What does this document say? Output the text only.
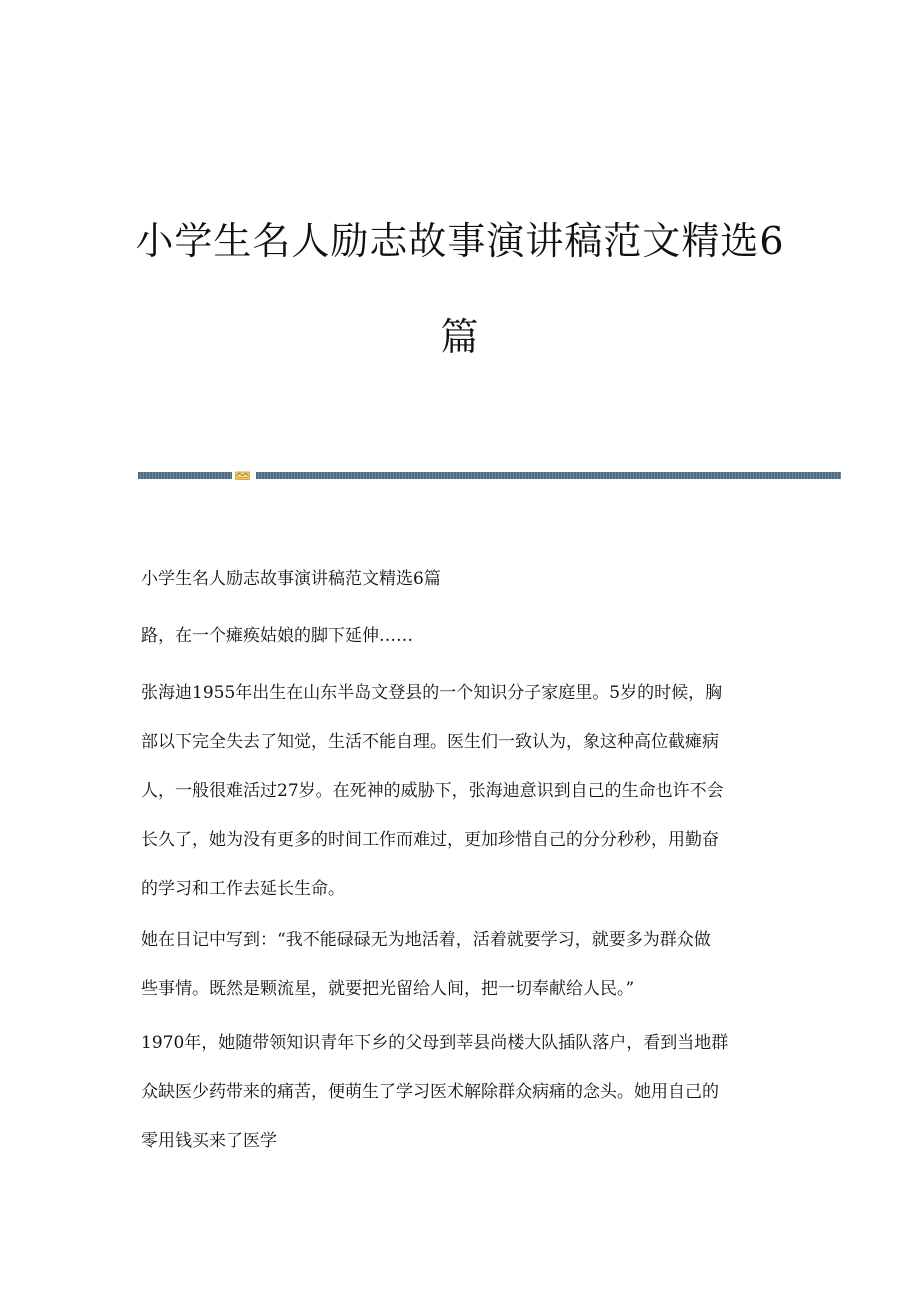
小学生名人励志故事演讲稿范文精选6
篇

小学生名人励志故事演讲稿范文精选6篇

路，在一个瘫痪姑娘的脚下延伸……

张海迪1955年出生在山东半岛文登县的一个知识分子家庭里。5岁的时候，胸
部以下完全失去了知觉，生活不能自理。医生们一致认为，象这种高位截瘫病
人，一般很难活过27岁。在死神的威胁下，张海迪意识到自己的生命也许不会
长久了，她为没有更多的时间工作而难过，更加珍惜自己的分分秒秒，用勤奋
的学习和工作去延长生命。

她在日记中写到：“我不能碌碌无为地活着，活着就要学习，就要多为群众做
些事情。既然是颗流星，就要把光留给人间，把一切奉献给人民。”

1970年，她随带领知识青年下乡的父母到莘县尚楼大队插队落户，看到当地群
众缺医少药带来的痛苦，便萌生了学习医术解除群众病痛的念头。她用自己的
零用钱买来了医学
